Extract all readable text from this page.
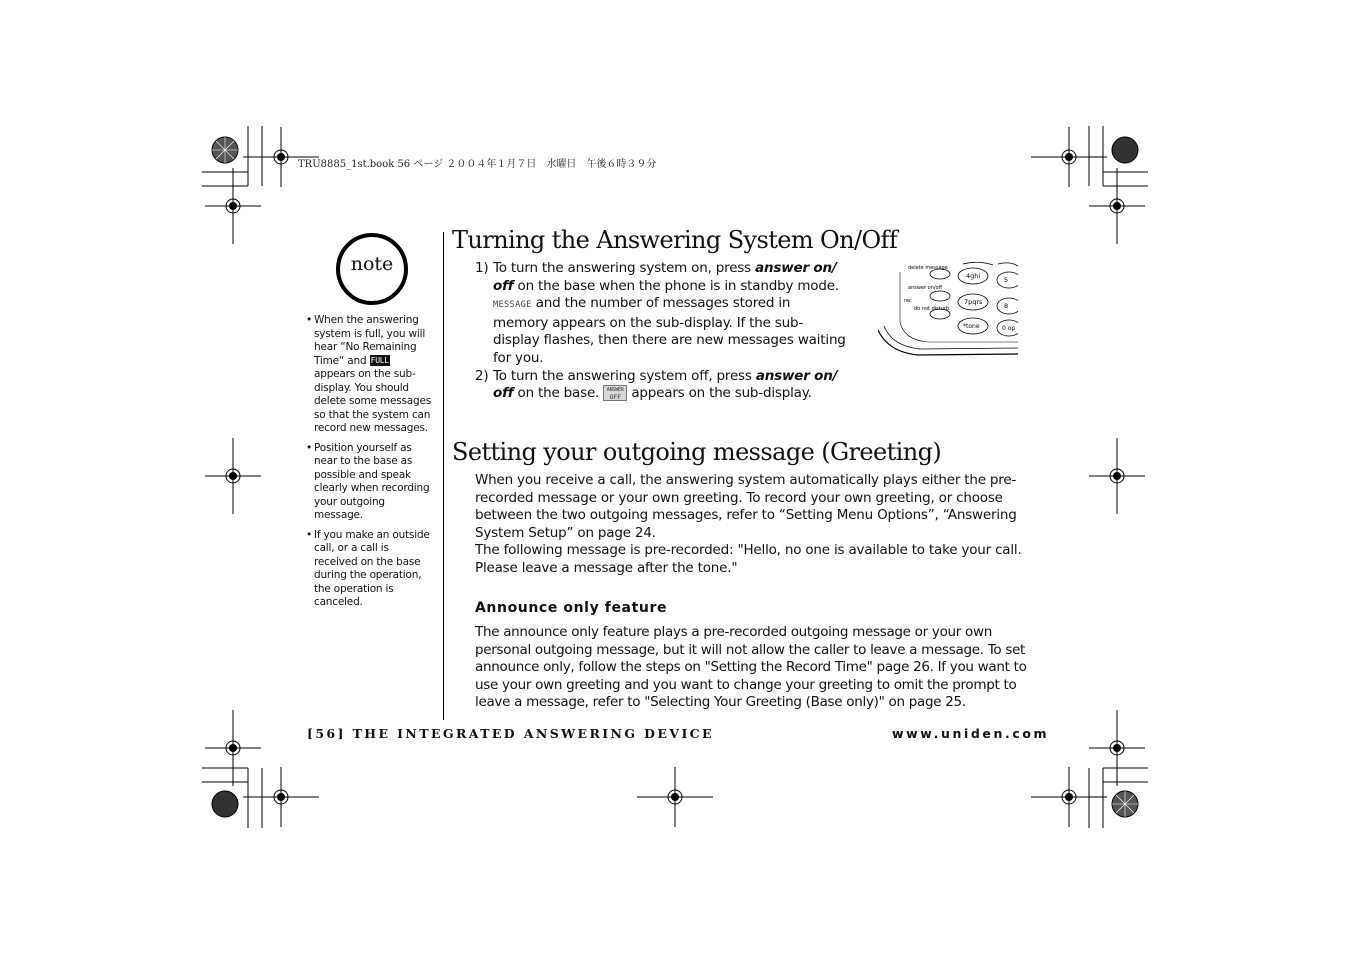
TRU8885_1st.book 56 ページ ２００４年１月７日　水曜日　午後６時３９分
note
• When the answering system is full, you will hear “No Remaining Time“ and FULL appears on the sub-display. You should delete some messages so that the system can record new messages.
• Position yourself as near to the base as possible and speak clearly when recording your outgoing message.
• If you make an outside call, or a call is received on the base during the operation, the operation is canceled.
Turning the Answering System On/Off
1) To turn the answering system on, press answer on/ off on the base when the phone is in standby mode. MESSAGE and the number of messages stored in memory appears on the sub-display. If the sub-display flashes, then there are new messages waiting for you.
2) To turn the answering system off, press answer on/ off on the base. ANSWER
OFF appears on the sub-display.
delete message
answer on/off
rec
do not disturb
4ghi	5
7pqrs	8
*tone	0 op
Setting your outgoing message (Greeting)

When you receive a call, the answering system automatically plays either the pre-recorded message or your own greeting. To record your own greeting, or choose between the two outgoing messages, refer to “Setting Menu Options”, “Answering System Setup” on page 24.

The following message is pre-recorded: "Hello, no one is available to take your call. Please leave a message after the tone."

Announce only feature
The announce only feature plays a pre-recorded outgoing message or your own personal outgoing message, but it will not allow the caller to leave a message. To set announce only, follow the steps on "Setting the Record Time" page 26. If you want to use your own greeting and you want to change your greeting to omit the prompt to leave a message, refer to "Selecting Your Greeting (Base only)" on page 25.
[56] THE INTEGRATED ANSWERING DEVICE	www.uniden.com
